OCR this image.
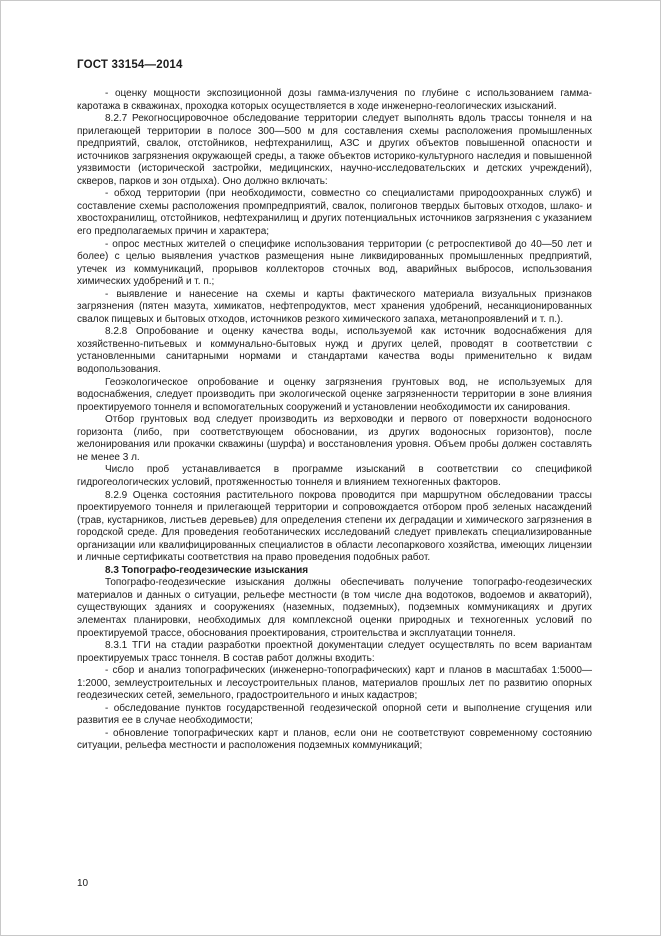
ГОСТ 33154—2014

- оценку мощности экспозиционной дозы гамма-излучения по глубине с использованием гамма-каротажа в скважинах, проходка которых осуществляется в ходе инженерно-геологических изысканий.

8.2.7 Рекогносцировочное обследование территории следует выполнять вдоль трассы тоннеля и на прилегающей территории в полосе 300—500 м для составления схемы расположения промышленных предприятий, свалок, отстойников, нефтехранилищ, АЗС и других объектов повышенной опасности и источников загрязнения окружающей среды, а также объектов историко-культурного наследия и повышенной уязвимости (исторической застройки, медицинских, научно-исследовательских и детских учреждений), скверов, парков и зон отдыха). Оно должно включать:

- обход территории (при необходимости, совместно со специалистами природоохранных служб) и составление схемы расположения промпредприятий, свалок, полигонов твердых бытовых отходов, шлако- и хвостохранилищ, отстойников, нефтехранилищ и других потенциальных источников загрязнения с указанием его предполагаемых причин и характера;

- опрос местных жителей о специфике использования территории (с ретроспективой до 40—50 лет и более) с целью выявления участков размещения ныне ликвидированных промышленных предприятий, утечек из коммуникаций, прорывов коллекторов сточных вод, аварийных выбросов, использования химических удобрений и т. п.;

- выявление и нанесение на схемы и карты фактического материала визуальных признаков загрязнения (пятен мазута, химикатов, нефтепродуктов, мест хранения удобрений, несанкционированных свалок пищевых и бытовых отходов, источников резкого химического запаха, метанопроявлений и т. п.).

8.2.8 Опробование и оценку качества воды, используемой как источник водоснабжения для хозяйственно-питьевых и коммунально-бытовых нужд и других целей, проводят в соответствии с установленными санитарными нормами и стандартами качества воды применительно к видам водопользования.

Геоэкологическое опробование и оценку загрязнения грунтовых вод, не используемых для водоснабжения, следует производить при экологической оценке загрязненности территории в зоне влияния проектируемого тоннеля и вспомогательных сооружений и установлении необходимости их санирования.

Отбор грунтовых вод следует производить из верховодки и первого от поверхности водоносного горизонта (либо, при соответствующем обосновании, из других водоносных горизонтов), после желонирования или прокачки скважины (шурфа) и восстановления уровня. Объем пробы должен составлять не менее 3 л.

Число проб устанавливается в программе изысканий в соответствии со спецификой гидрогеологических условий, протяженностью тоннеля и влиянием техногенных факторов.

8.2.9 Оценка состояния растительного покрова проводится при маршрутном обследовании трассы проектируемого тоннеля и прилегающей территории и сопровождается отбором проб зеленых насаждений (трав, кустарников, листьев деревьев) для определения степени их деградации и химического загрязнения в городской среде. Для проведения геоботанических исследований следует привлекать специализированные организации или квалифицированных специалистов в области лесопаркового хозяйства, имеющих лицензии и личные сертификаты соответствия на право проведения подобных работ.

8.3 Топографо-геодезические изыскания

Топографо-геодезические изыскания должны обеспечивать получение топографо-геодезических материалов и данных о ситуации, рельефе местности (в том числе дна водотоков, водоемов и акваторий), существующих зданиях и сооружениях (наземных, подземных), подземных коммуникациях и других элементах планировки, необходимых для комплексной оценки природных и техногенных условий по проектируемой трассе, обоснования проектирования, строительства и эксплуатации тоннеля.

8.3.1 ТГИ на стадии разработки проектной документации следует осуществлять по всем вариантам проектируемых трасс тоннеля. В состав работ должны входить:

- сбор и анализ топографических (инженерно-топографических) карт и планов в масштабах 1:5000—1:2000, землеустроительных и лесоустроительных планов, материалов прошлых лет по развитию опорных геодезических сетей, земельного, градостроительного и иных кадастров;

- обследование пунктов государственной геодезической опорной сети и выполнение сгущения или развития ее в случае необходимости;

- обновление топографических карт и планов, если они не соответствуют современному состоянию ситуации, рельефа местности и расположения подземных коммуникаций;

10
